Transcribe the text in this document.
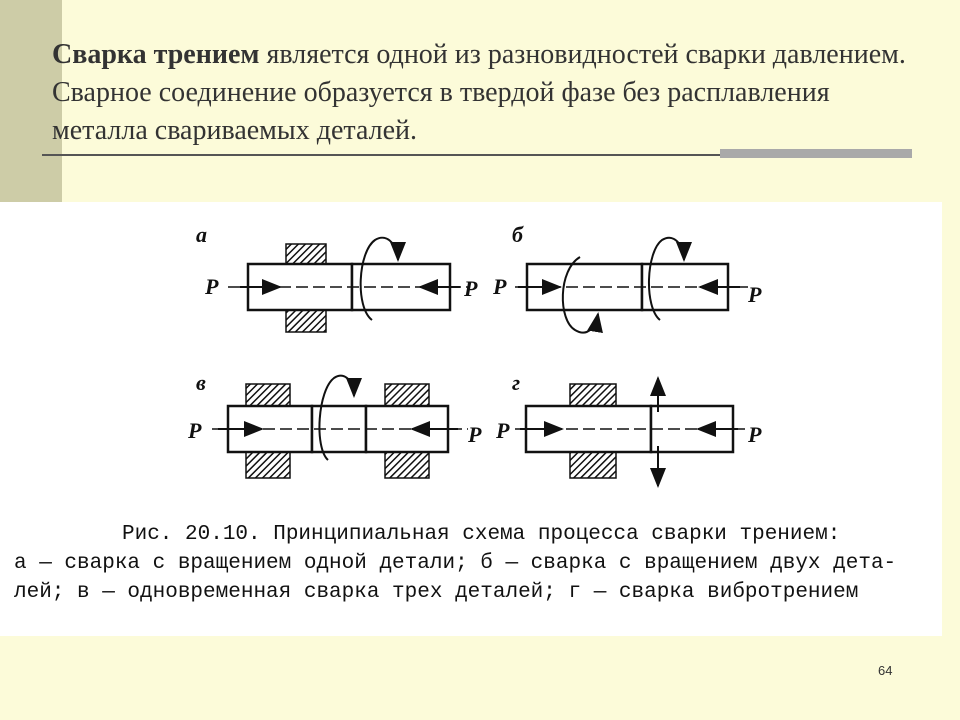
Сварка трением является одной из разновидностей сварки давлением. Сварное соединение образуется в твердой фазе без расплавления металла свариваемых деталей.
а
P	P
б
P	P
в
P	P
г
P	P
Рис. 20.10. Принципиальная схема процесса сварки трением:
а — сварка с вращением одной детали; б — сварка с вращением двух дета-
лей; в — одновременная сварка трех деталей; г — сварка вибротрением
64
